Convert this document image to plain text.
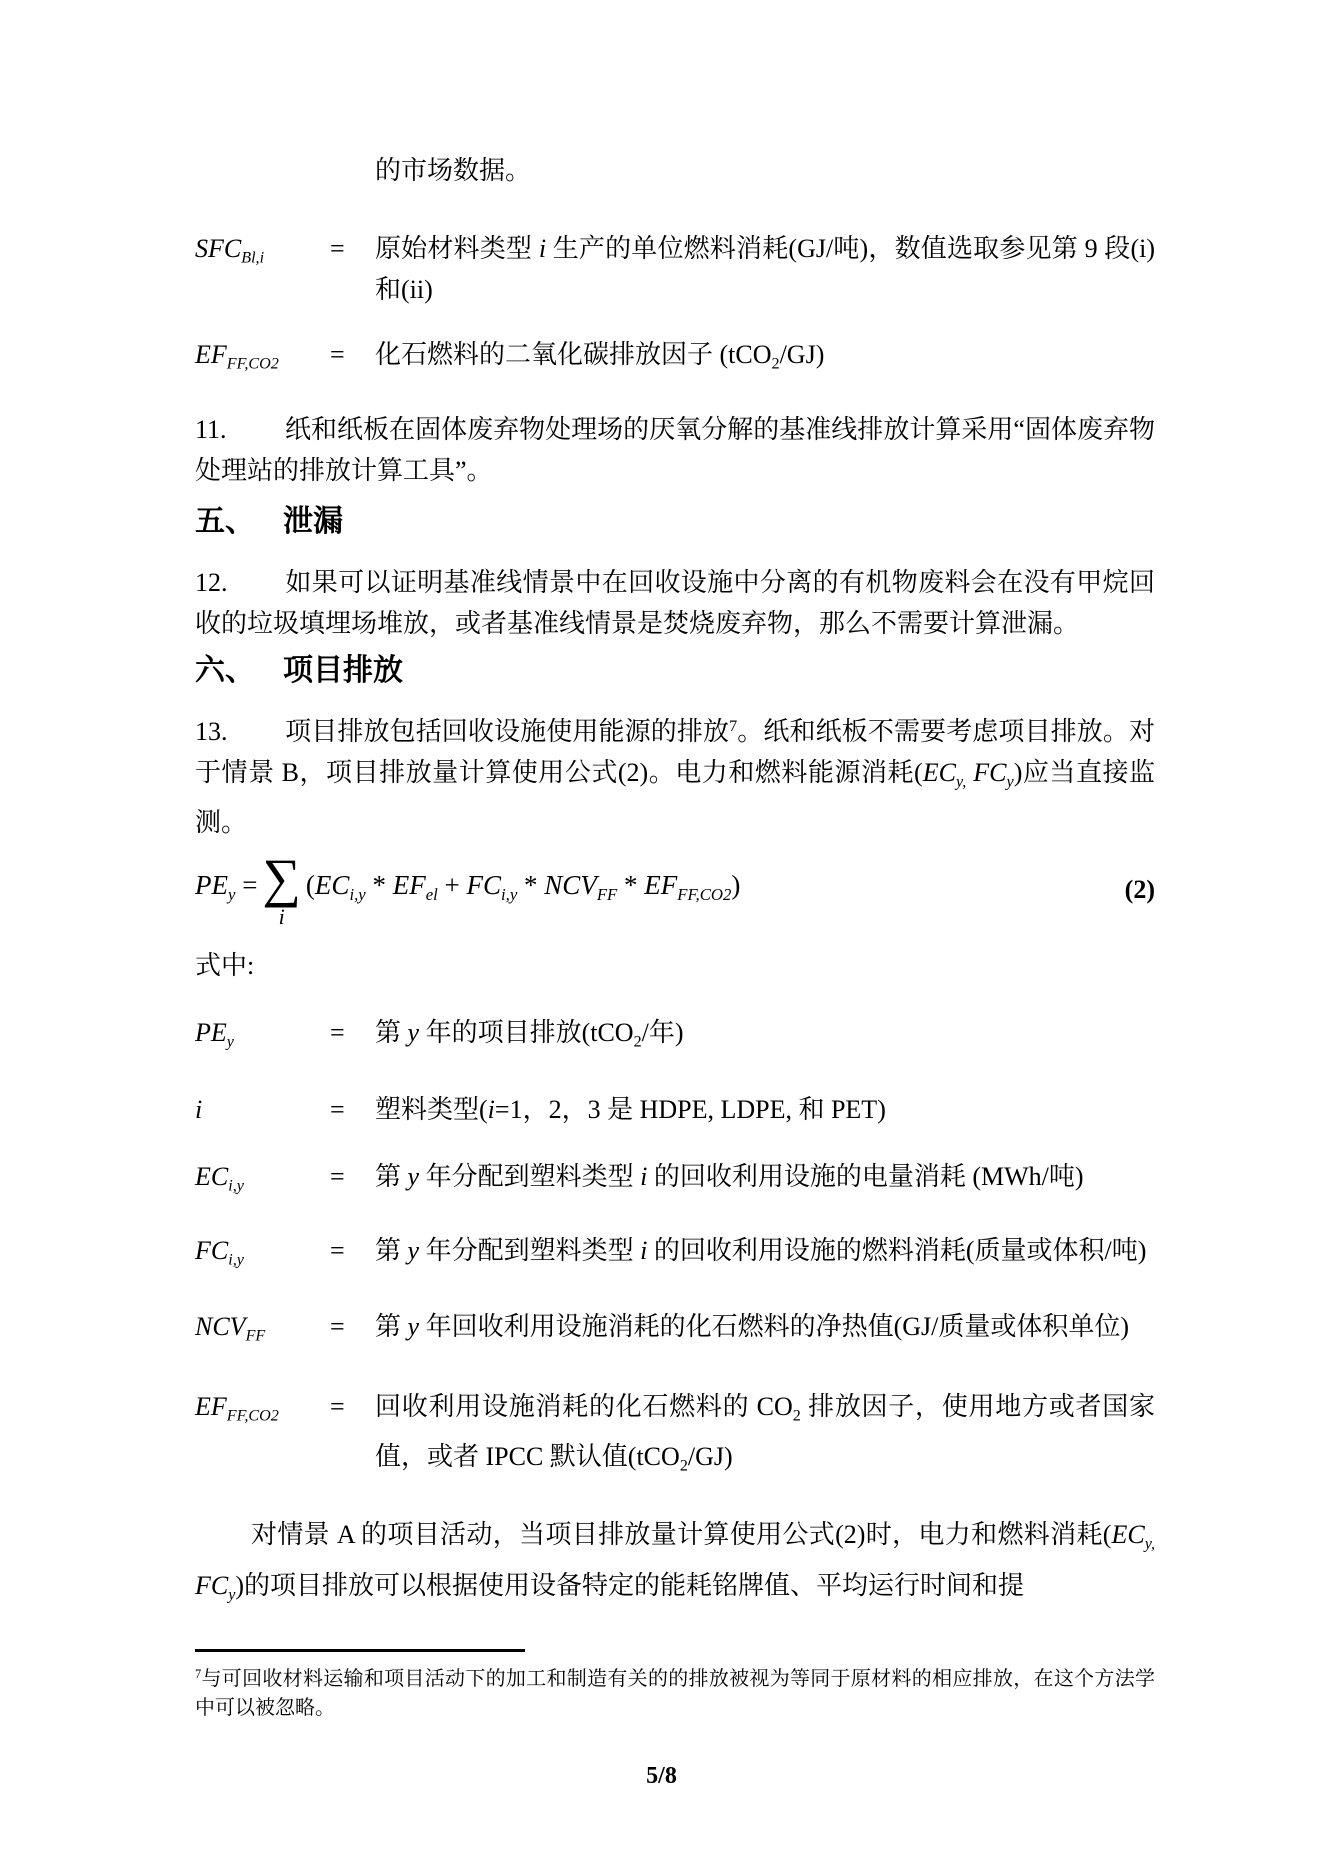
的市场数据。
$SFC_{Bl,i}$	=	原始材料类型 i 生产的单位燃料消耗(GJ/吨)，数值选取参见第 9 段(i)和(ii)
$EF_{FF,CO2}$	=	化石燃料的二氧化碳排放因子 (tCO$_2$/GJ)

11. 纸和纸板在固体废弃物处理场的厌氧分解的基准线排放计算采用“固体废弃物处理站的排放计算工具”。

五、 泄漏

12. 如果可以证明基准线情景中在回收设施中分离的有机物废料会在没有甲烷回收的垃圾填埋场堆放，或者基准线情景是焚烧废弃物，那么不需要计算泄漏。

六、 项目排放

13. 项目排放包括回收设施使用能源的排放$^7$。纸和纸板不需要考虑项目排放。对于情景 B，项目排放量计算使用公式(2)。电力和燃料能源消耗($EC_{y,}$ $FC_y$)应当直接监测。

$PE_y$ = ∑
i
$(EC_{i,y} * EF_{el} + FC_{i,y} * NCV_{FF} * EF_{FF,CO2})$	(2)

式中:

$PE_y$	=	第 y 年的项目排放(tCO$_2$/年)
i	=	塑料类型(i=1，2，3 是 HDPE, LDPE, 和 PET)
$EC_{i,y}$	=	第 y 年分配到塑料类型 i 的回收利用设施的电量消耗 (MWh/吨)
$FC_{i,y}$	=	第 y 年分配到塑料类型 i 的回收利用设施的燃料消耗(质量或体积/吨)
$NCV_{FF}$	=	第 y 年回收利用设施消耗的化石燃料的净热值(GJ/质量或体积单位)
$EF_{FF,CO2}$	=	回收利用设施消耗的化石燃料的 $CO_2$ 排放因子，使用地方或者国家值，或者 IPCC 默认值(tCO$_2$/GJ)

对情景 A 的项目活动，当项目排放量计算使用公式(2)时，电力和燃料消耗($EC_{y,}$ $FC_y$)的项目排放可以根据使用设备特定的能耗铭牌值、平均运行时间和提

$^7$与可回收材料运输和项目活动下的加工和制造有关的的排放被视为等同于原材料的相应排放，在这个方法学中可以被忽略。

5/8
